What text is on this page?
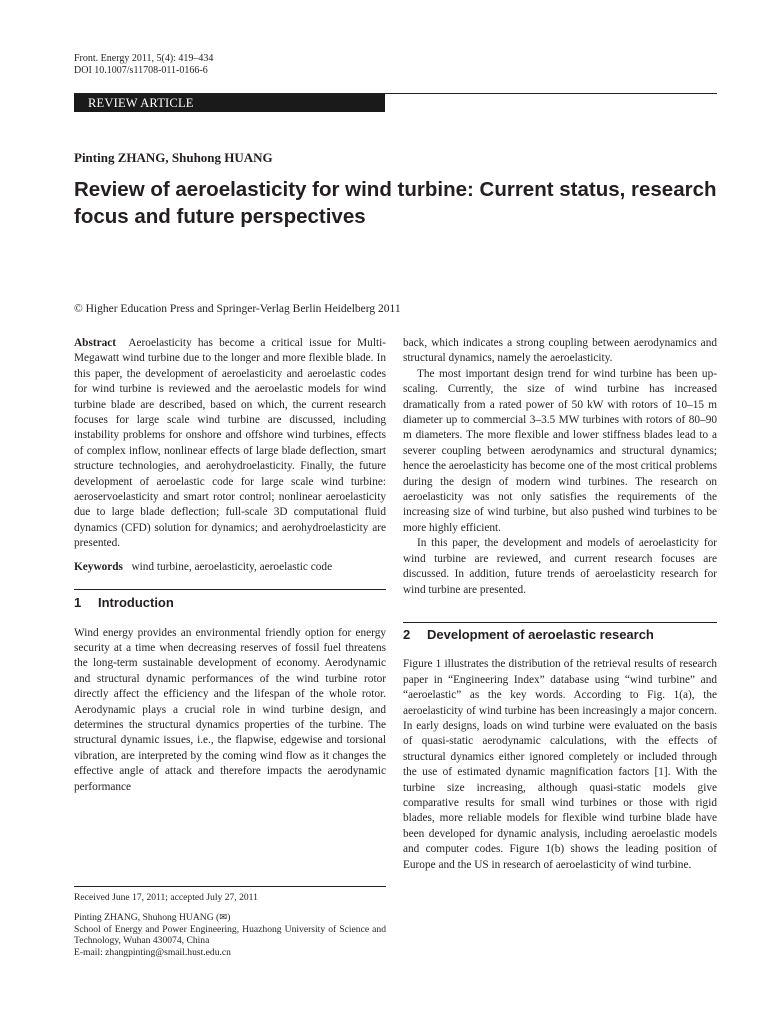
Front. Energy 2011, 5(4): 419–434
DOI 10.1007/s11708-011-0166-6
REVIEW ARTICLE
Pinting ZHANG, Shuhong HUANG
Review of aeroelasticity for wind turbine: Current status, research focus and future perspectives
© Higher Education Press and Springer-Verlag Berlin Heidelberg 2011

Abstract Aeroelasticity has become a critical issue for Multi-Megawatt wind turbine due to the longer and more flexible blade. In this paper, the development of aeroelasticity and aeroelastic codes for wind turbine is reviewed and the aeroelastic models for wind turbine blade are described, based on which, the current research focuses for large scale wind turbine are discussed, including instability problems for onshore and offshore wind turbines, effects of complex inflow, nonlinear effects of large blade deflection, smart structure technologies, and aerohydroelasticity. Finally, the future development of aeroelastic code for large scale wind turbine: aeroservoelasticity and smart rotor control; nonlinear aeroelasticity due to large blade deflection; full-scale 3D computational fluid dynamics (CFD) solution for dynamics; and aerohydroelasticity are presented.

Keywords wind turbine, aeroelasticity, aeroelastic code

1 Introduction

Wind energy provides an environmental friendly option for energy security at a time when decreasing reserves of fossil fuel threatens the long-term sustainable development of economy. Aerodynamic and structural dynamic performances of the wind turbine rotor directly affect the efficiency and the lifespan of the whole rotor. Aerodynamic plays a crucial role in wind turbine design, and determines the structural dynamics properties of the turbine. The structural dynamic issues, i.e., the flapwise, edgewise and torsional vibration, are interpreted by the coming wind flow as it changes the effective angle of attack and therefore impacts the aerodynamic performance

back, which indicates a strong coupling between aerodynamics and structural dynamics, namely the aeroelasticity.

The most important design trend for wind turbine has been up-scaling. Currently, the size of wind turbine has increased dramatically from a rated power of 50 kW with rotors of 10–15 m diameter up to commercial 3–3.5 MW turbines with rotors of 80–90 m diameters. The more flexible and lower stiffness blades lead to a severer coupling between aerodynamics and structural dynamics; hence the aeroelasticity has become one of the most critical problems during the design of modern wind turbines. The research on aeroelasticity was not only satisfies the requirements of the increasing size of wind turbine, but also pushed wind turbines to be more highly efficient.

In this paper, the development and models of aeroelasticity for wind turbine are reviewed, and current research focuses are discussed. In addition, future trends of aeroelasticity research for wind turbine are presented.

2 Development of aeroelastic research

Figure 1 illustrates the distribution of the retrieval results of research paper in “Engineering Index” database using “wind turbine” and “aeroelastic” as the key words. According to Fig. 1(a), the aeroelasticity of wind turbine has been increasingly a major concern. In early designs, loads on wind turbine were evaluated on the basis of quasi-static aerodynamic calculations, with the effects of structural dynamics either ignored completely or included through the use of estimated dynamic magnification factors [1]. With the turbine size increasing, although quasi-static models give comparative results for small wind turbines or those with rigid blades, more reliable models for flexible wind turbine blade have been developed for dynamic analysis, including aeroelastic models and computer codes. Figure 1(b) shows the leading position of Europe and the US in research of aeroelasticity of wind turbine.

Received June 17, 2011; accepted July 27, 2011
Pinting ZHANG, Shuhong HUANG (✉)
School of Energy and Power Engineering, Huazhong University of Science and Technology, Wuhan 430074, China
E-mail: zhangpinting@smail.hust.edu.cn
